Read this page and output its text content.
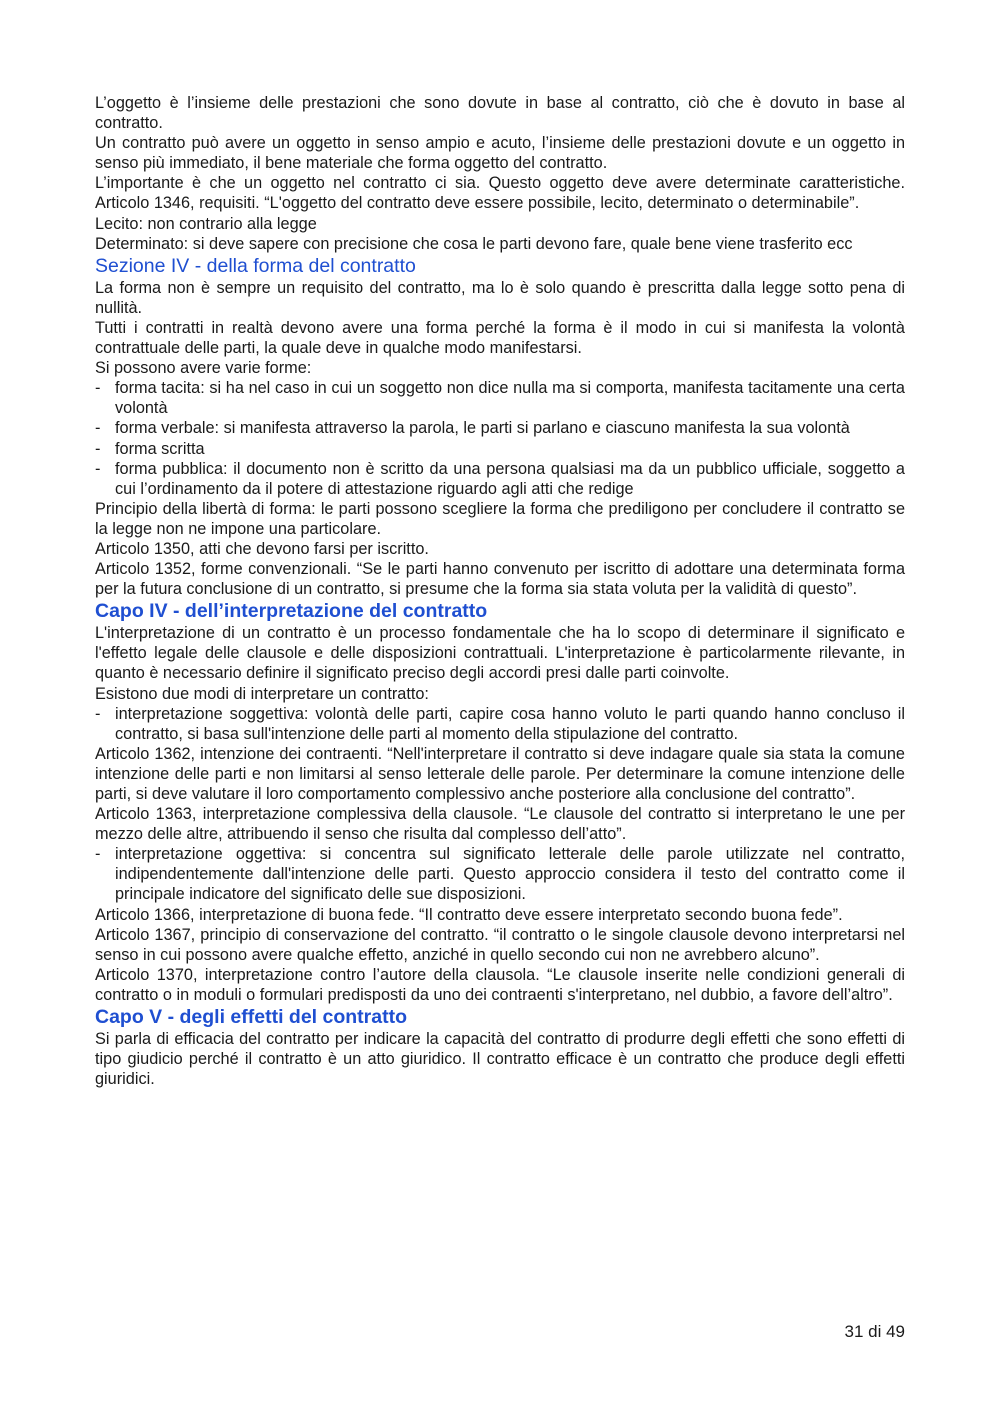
L’oggetto è l’insieme delle prestazioni che sono dovute in base al contratto, ciò che è dovuto in base al contratto.

Un contratto può avere un oggetto in senso ampio e acuto, l’insieme delle prestazioni dovute e un oggetto in senso più immediato, il bene materiale che forma oggetto del contratto.

L’importante è che un oggetto nel contratto ci sia. Questo oggetto deve avere determinate caratteristiche. Articolo 1346, requisiti. “L'oggetto del contratto deve essere possibile, lecito, determinato o determinabile”.

Lecito: non contrario alla legge

Determinato: si deve sapere con precisione che cosa le parti devono fare, quale bene viene trasferito ecc

Sezione IV - della forma del contratto

La forma non è sempre un requisito del contratto, ma lo è solo quando è prescritta dalla legge sotto pena di nullità.

Tutti i contratti in realtà devono avere una forma perché la forma è il modo in cui si manifesta la volontà contrattuale delle parti, la quale deve in qualche modo manifestarsi.

Si possono avere varie forme:

- forma tacita: si ha nel caso in cui un soggetto non dice nulla ma si comporta, manifesta tacitamente una certa volontà
- forma verbale: si manifesta attraverso la parola, le parti si parlano e ciascuno manifesta la sua volontà
- forma scritta
- forma pubblica: il documento non è scritto da una persona qualsiasi ma da un pubblico ufficiale, soggetto a cui l’ordinamento da il potere di attestazione riguardo agli atti che redige

Principio della libertà di forma: le parti possono scegliere la forma che prediligono per concludere il contratto se la legge non ne impone una particolare.

Articolo 1350, atti che devono farsi per iscritto.

Articolo 1352, forme convenzionali. “Se le parti hanno convenuto per iscritto di adottare una determinata forma per la futura conclusione di un contratto, si presume che la forma sia stata voluta per la validità di questo”.

Capo IV - dell’interpretazione del contratto

L'interpretazione di un contratto è un processo fondamentale che ha lo scopo di determinare il significato e l'effetto legale delle clausole e delle disposizioni contrattuali. L'interpretazione è particolarmente rilevante, in quanto è necessario definire il significato preciso degli accordi presi dalle parti coinvolte.

Esistono due modi di interpretare un contratto:

- interpretazione soggettiva: volontà delle parti, capire cosa hanno voluto le parti quando hanno concluso il contratto, si basa sull'intenzione delle parti al momento della stipulazione del contratto.

Articolo 1362, intenzione dei contraenti. “Nell'interpretare il contratto si deve indagare quale sia stata la comune intenzione delle parti e non limitarsi al senso letterale delle parole. Per determinare la comune intenzione delle parti, si deve valutare il loro comportamento complessivo anche posteriore alla conclusione del contratto”.

Articolo 1363, interpretazione complessiva della clausole. “Le clausole del contratto si interpretano le une per mezzo delle altre, attribuendo il senso che risulta dal complesso dell’atto”.

- interpretazione oggettiva: si concentra sul significato letterale delle parole utilizzate nel contratto, indipendentemente dall'intenzione delle parti. Questo approccio considera il testo del contratto come il principale indicatore del significato delle sue disposizioni.

Articolo 1366, interpretazione di buona fede. “Il contratto deve essere interpretato secondo buona fede”.

Articolo 1367, principio di conservazione del contratto. “il contratto o le singole clausole devono interpretarsi nel senso in cui possono avere qualche effetto, anziché in quello secondo cui non ne avrebbero alcuno”.

Articolo 1370, interpretazione contro l’autore della clausola. “Le clausole inserite nelle condizioni generali di contratto o in moduli o formulari predisposti da uno dei contraenti s'interpretano, nel dubbio, a favore dell’altro”.

Capo V - degli effetti del contratto

Si parla di efficacia del contratto per indicare la capacità del contratto di produrre degli effetti che sono effetti di tipo giudicio perché il contratto è un atto giuridico. Il contratto efficace è un contratto che produce degli effetti giuridici.

31 di 49
